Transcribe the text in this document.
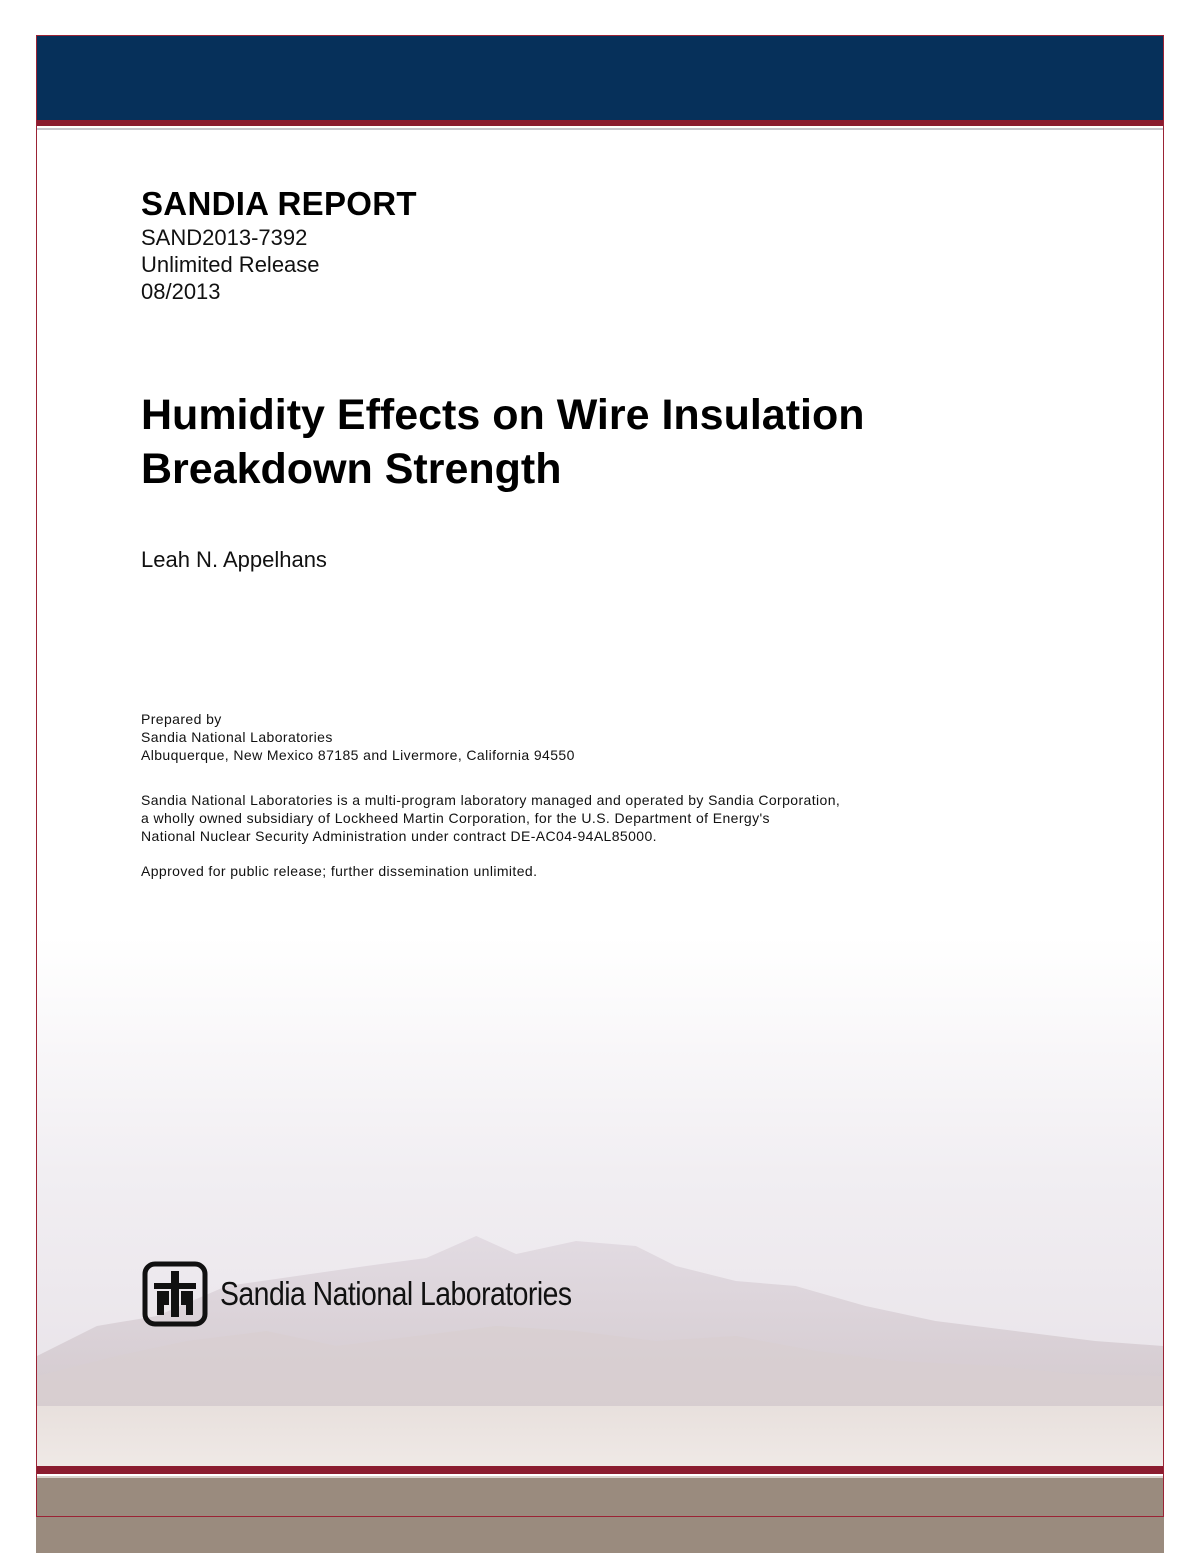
SANDIA REPORT
SAND2013-7392
Unlimited Release
08/2013
Humidity Effects on Wire Insulation
Breakdown Strength
Leah N. Appelhans
Prepared by
Sandia National Laboratories
Albuquerque, New Mexico 87185 and Livermore, California 94550
Sandia National Laboratories is a multi-program laboratory managed and operated by Sandia Corporation,
a wholly owned subsidiary of Lockheed Martin Corporation, for the U.S. Department of Energy's
National Nuclear Security Administration under contract DE-AC04-94AL85000.
Approved for public release; further dissemination unlimited.
Sandia National Laboratories
